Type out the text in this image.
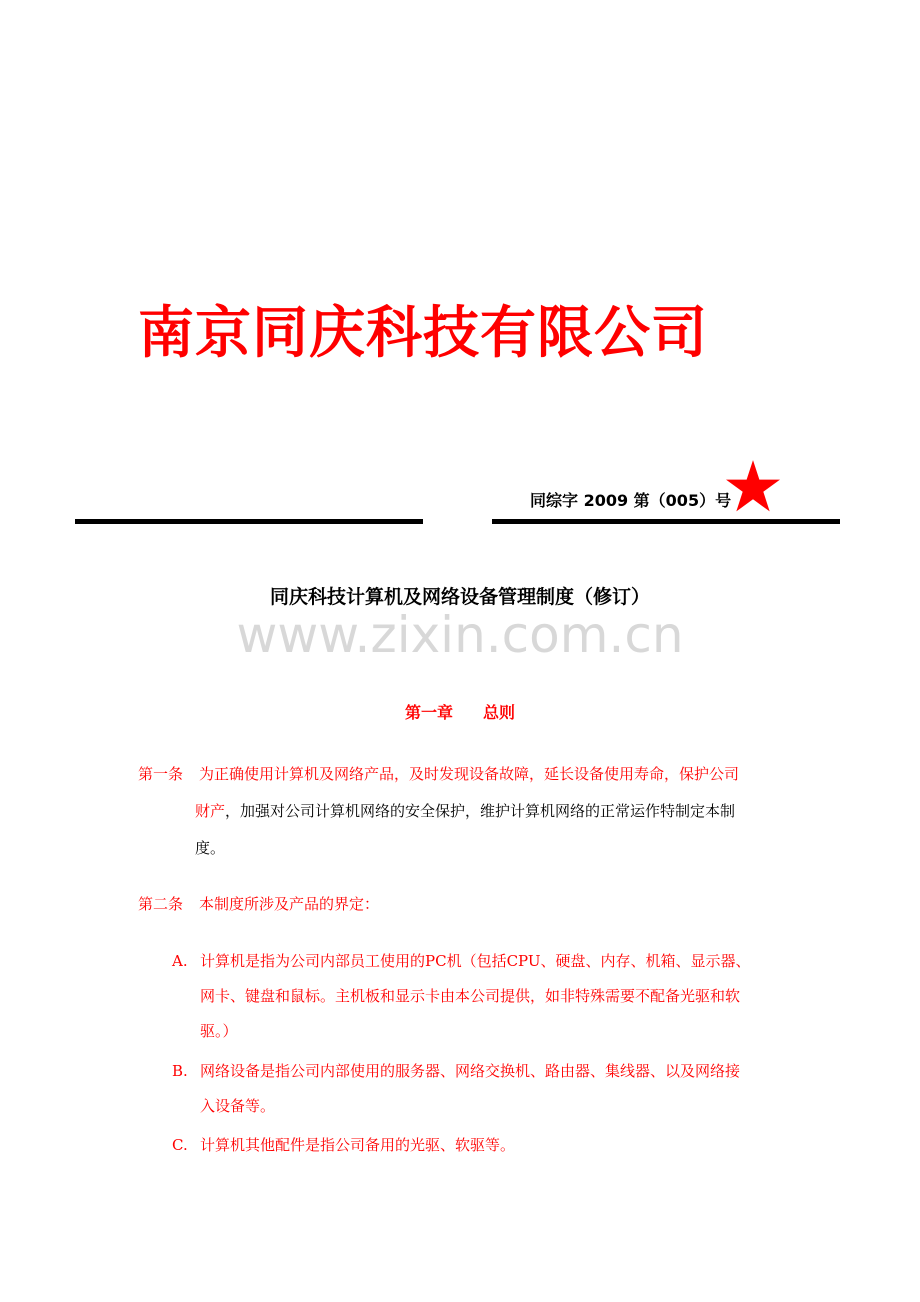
南京同庆科技有限公司
同综字 2009 第（005）号
同庆科技计算机及网络设备管理制度（修订）
www.zixin.com.cn
第一章 总则
第一条 为正确使用计算机及网络产品，及时发现设备故障，延长设备使用寿命，保护公司
财产，加强对公司计算机网络的安全保护，维护计算机网络的正常运作特制定本制
度。
第二条 本制度所涉及产品的界定：
A. 计算机是指为公司内部员工使用的PC机（包括CPU、硬盘、内存、机箱、显示器、
网卡、键盘和鼠标。主机板和显示卡由本公司提供，如非特殊需要不配备光驱和软
驱。）
B. 网络设备是指公司内部使用的服务器、网络交换机、路由器、集线器、以及网络接
入设备等。
C. 计算机其他配件是指公司备用的光驱、软驱等。
